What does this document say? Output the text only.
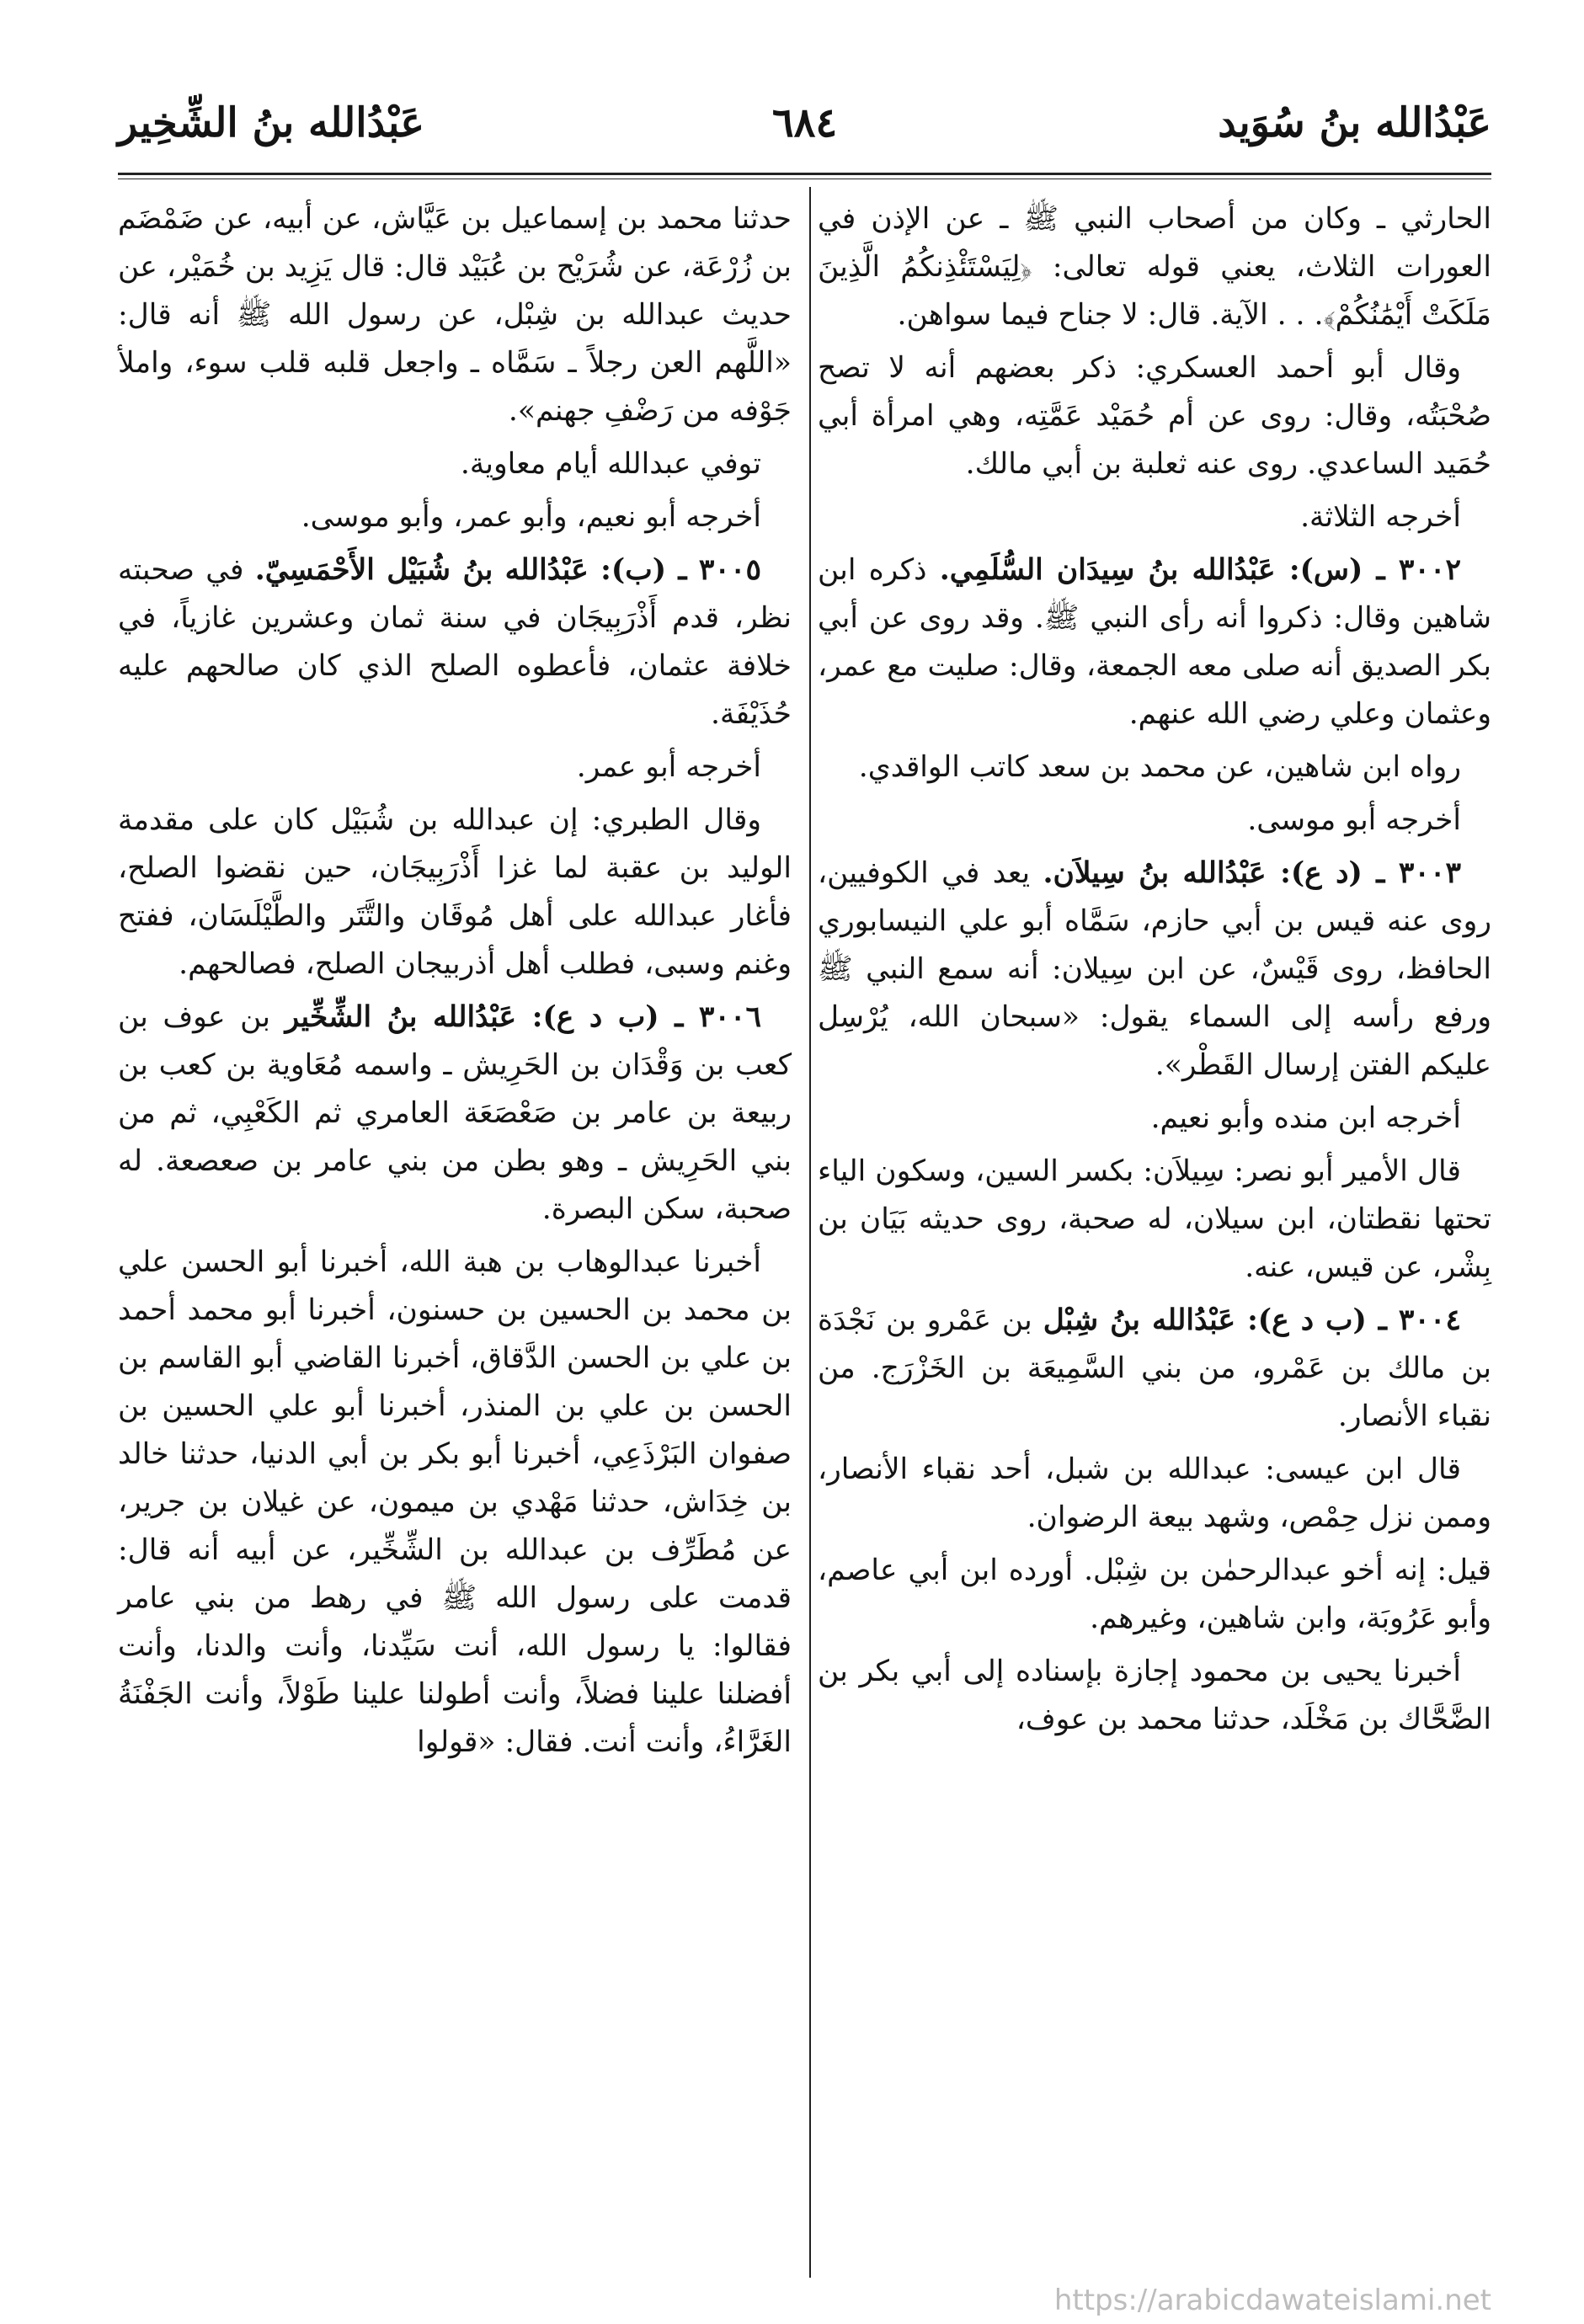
عَبْدُالله بنُ سُوَيد
٦٨٤
عَبْدُالله بنُ الشِّخِير

الحارثي ـ وكان من أصحاب النبي ﷺ ـ عن الإذن في العورات الثلاث، يعني قوله تعالى: ﴿لِيَسْتَئْذِنكُمُ الَّذِينَ مَلَكَتْ أَيْمَٰنُكُمْ﴾. . . الآية. قال: لا جناح فيما سواهن.

وقال أبو أحمد العسكري: ذكر بعضهم أنه لا تصح صُحْبَتُه، وقال: روى عن أم حُمَيْد عَمَّتِه، وهي امرأة أبي حُمَيد الساعدي. روى عنه ثعلبة بن أبي مالك.

أخرجه الثلاثة.

٣٠٠٢ ـ (س): عَبْدُالله بنُ سِيدَان السُّلَمِي. ذكره ابن شاهين وقال: ذكروا أنه رأى النبي ﷺ. وقد روى عن أبي بكر الصديق أنه صلى معه الجمعة، وقال: صليت مع عمر، وعثمان وعلي رضي الله عنهم.

رواه ابن شاهين، عن محمد بن سعد كاتب الواقدي.

أخرجه أبو موسى.

٣٠٠٣ ـ (د ع): عَبْدُالله بنُ سِيلاَن. يعد في الكوفيين، روى عنه قيس بن أبي حازم، سَمَّاه أبو علي النيسابوري الحافظ، روى قَيْسٌ، عن ابن سِيلان: أنه سمع النبي ﷺ ورفع رأسه إلى السماء يقول: «سبحان الله، يُرْسِل عليكم الفتن إرسال القَطْر».

أخرجه ابن منده وأبو نعيم.

قال الأمير أبو نصر: سِيلاَن: بكسر السين، وسكون الياء تحتها نقطتان، ابن سيلان، له صحبة، روى حديثه بَيَان بن بِشْر، عن قيس، عنه.

٣٠٠٤ ـ (ب د ع): عَبْدُالله بنُ شِبْل بن عَمْرو بن نَجْدَة بن مالك بن عَمْرو، من بني السَّمِيعَة بن الخَزْرَج. من نقباء الأنصار.

قال ابن عيسى: عبدالله بن شبل، أحد نقباء الأنصار، وممن نزل حِمْص، وشهد بيعة الرضوان.

قيل: إنه أخو عبدالرحمٰن بن شِبْل. أورده ابن أبي عاصم، وأبو عَرُوبَة، وابن شاهين، وغيرهم.

أخبرنا يحيى بن محمود إجازة بإسناده إلى أبي بكر بن الضَّحَّاك بن مَخْلَد، حدثنا محمد بن عوف،

حدثنا محمد بن إسماعيل بن عَيَّاش، عن أبيه، عن ضَمْضَم بن زُرْعَة، عن شُرَيْح بن عُبَيْد قال: قال يَزِيد بن خُمَيْر، عن حديث عبدالله بن شِبْل، عن رسول الله ﷺ أنه قال: «اللَّهم العن رجلاً ـ سَمَّاه ـ واجعل قلبه قلب سوء، واملأ جَوْفه من رَضْفِ جهنم».

توفي عبدالله أيام معاوية.

أخرجه أبو نعيم، وأبو عمر، وأبو موسى.

٣٠٠٥ ـ (ب): عَبْدُالله بنُ شُبَيْل الأَحْمَسِيّ. في صحبته نظر، قدم أَذْرَبِيجَان في سنة ثمان وعشرين غازياً، في خلافة عثمان، فأعطوه الصلح الذي كان صالحهم عليه حُذَيْفَة.

أخرجه أبو عمر.

وقال الطبري: إن عبدالله بن شُبَيْل كان على مقدمة الوليد بن عقبة لما غزا أَذْرَبِيجَان، حين نقضوا الصلح، فأغار عبدالله على أهل مُوقَان والتَّتَر والطَّيْلَسَان، ففتح وغنم وسبى، فطلب أهل أذربيجان الصلح، فصالحهم.

٣٠٠٦ ـ (ب د ع): عَبْدُالله بنُ الشِّخِّير بن عوف بن كعب بن وَقْدَان بن الحَرِيش ـ واسمه مُعَاوية بن كعب بن ربيعة بن عامر بن صَعْصَعَة العامري ثم الكَعْبِي، ثم من بني الحَرِيش ـ وهو بطن من بني عامر بن صعصعة. له صحبة، سكن البصرة.

أخبرنا عبدالوهاب بن هبة الله، أخبرنا أبو الحسن علي بن محمد بن الحسين بن حسنون، أخبرنا أبو محمد أحمد بن علي بن الحسن الدَّقاق، أخبرنا القاضي أبو القاسم بن الحسن بن علي بن المنذر، أخبرنا أبو علي الحسين بن صفوان البَرْذَعِي، أخبرنا أبو بكر بن أبي الدنيا، حدثنا خالد بن خِدَاش، حدثنا مَهْدي بن ميمون، عن غيلان بن جرير، عن مُطَرِّف بن عبدالله بن الشِّخِّير، عن أبيه أنه قال: قدمت على رسول الله ﷺ في رهط من بني عامر فقالوا: يا رسول الله، أنت سَيِّدنا، وأنت والدنا، وأنت أفضلنا علينا فضلاً، وأنت أطولنا علينا طَوْلاً، وأنت الجَفْنَةُ الغَرَّاءُ، وأنت أنت. فقال: «قولوا

https://arabicdawateislami.net
